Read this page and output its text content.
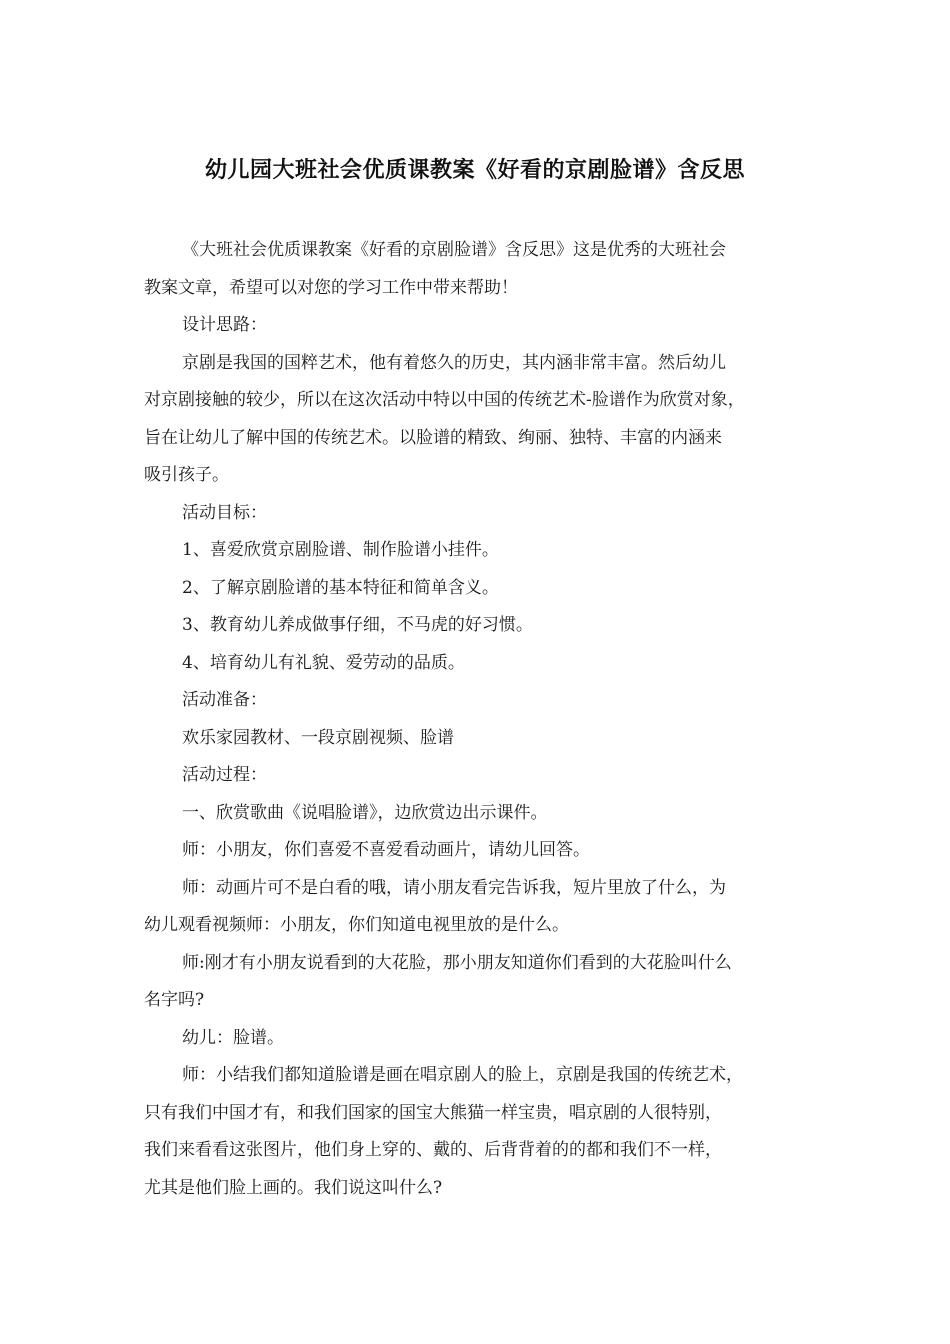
幼儿园大班社会优质课教案《好看的京剧脸谱》含反思
《大班社会优质课教案《好看的京剧脸谱》含反思》这是优秀的大班社会
教案文章，希望可以对您的学习工作中带来帮助！
设计思路：
京剧是我国的国粹艺术，他有着悠久的历史，其内涵非常丰富。然后幼儿
对京剧接触的较少，所以在这次活动中特以中国的传统艺术-脸谱作为欣赏对象，
旨在让幼儿了解中国的传统艺术。以脸谱的精致、绚丽、独特、丰富的内涵来
吸引孩子。
活动目标：
1、喜爱欣赏京剧脸谱、制作脸谱小挂件。
2、了解京剧脸谱的基本特征和简单含义。
3、教育幼儿养成做事仔细，不马虎的好习惯。
4、培育幼儿有礼貌、爱劳动的品质。
活动准备：
欢乐家园教材、一段京剧视频、脸谱
活动过程：
一、欣赏歌曲《说唱脸谱》，边欣赏边出示课件。
师：小朋友，你们喜爱不喜爱看动画片，请幼儿回答。
师：动画片可不是白看的哦，请小朋友看完告诉我，短片里放了什么，为
幼儿观看视频师：小朋友，你们知道电视里放的是什么。
师:刚才有小朋友说看到的大花脸，那小朋友知道你们看到的大花脸叫什么
名字吗?
幼儿：脸谱。
师：小结我们都知道脸谱是画在唱京剧人的脸上，京剧是我国的传统艺术，
只有我们中国才有，和我们国家的国宝大熊猫一样宝贵，唱京剧的人很特别，
我们来看看这张图片，他们身上穿的、戴的、后背背着的的都和我们不一样，
尤其是他们脸上画的。我们说这叫什么?
